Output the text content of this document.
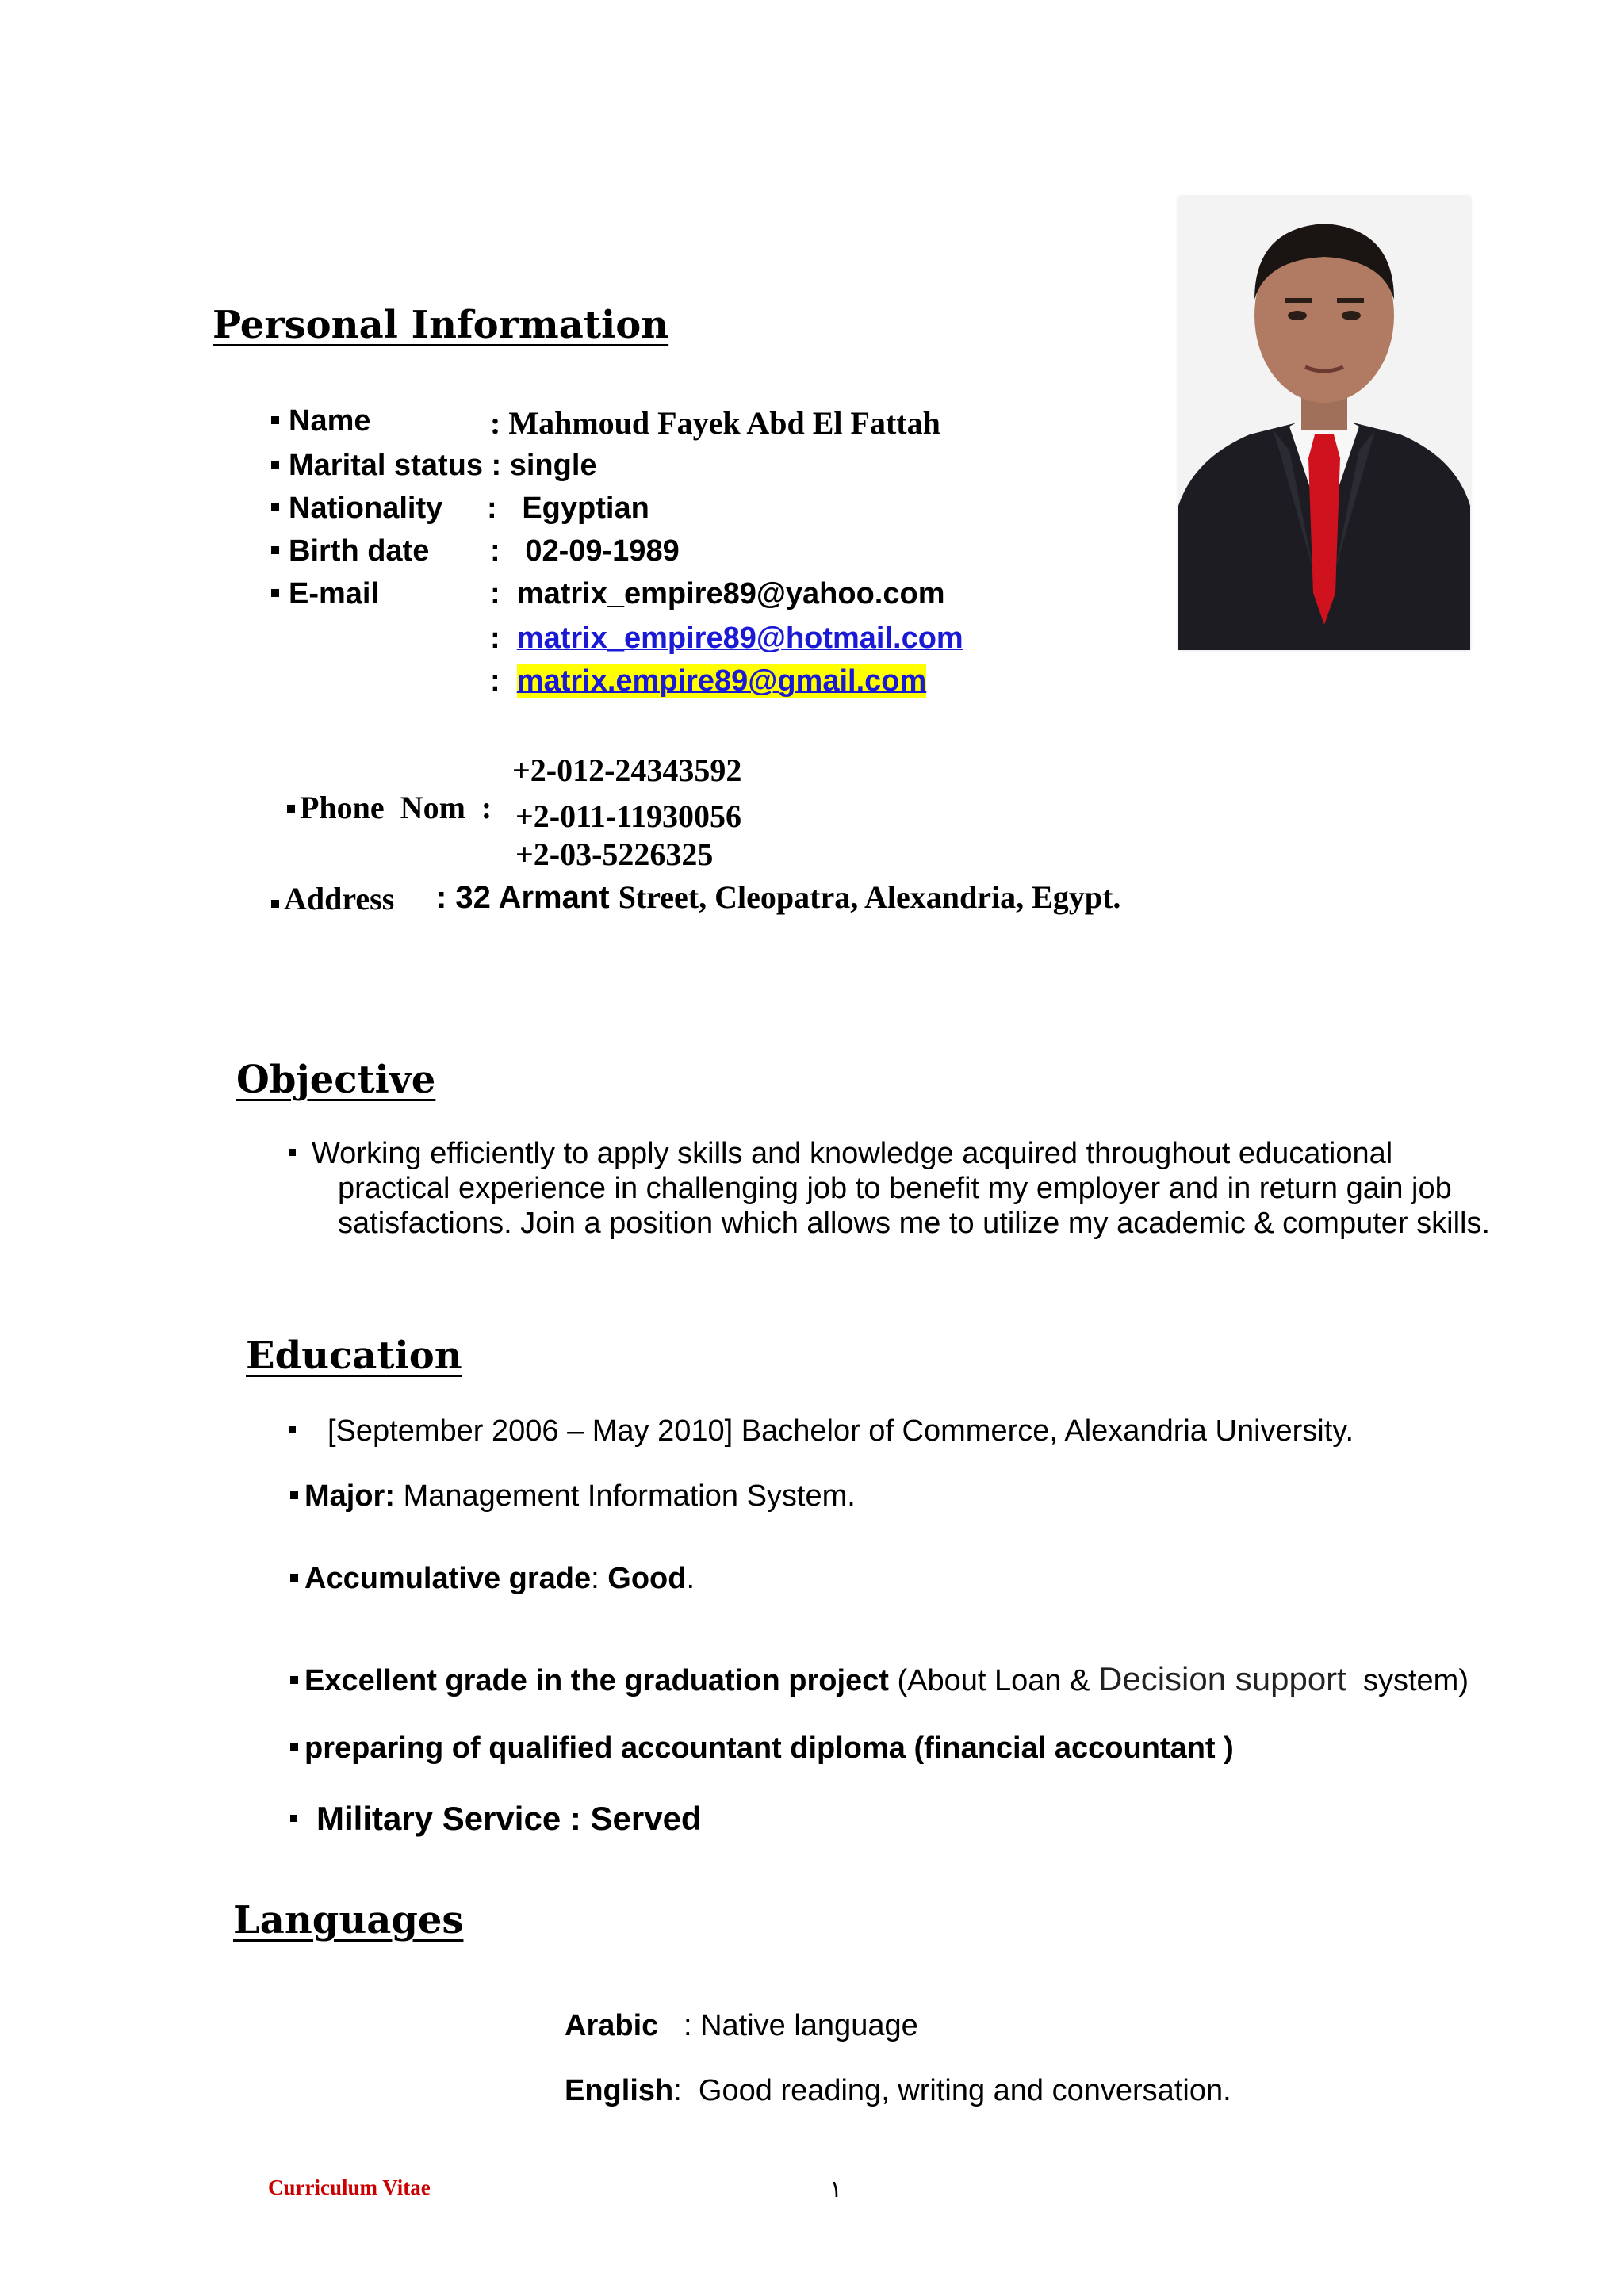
Personal Information
Name	: Mahmoud Fayek Abd El Fattah
Marital status : single
Nationality :   Egyptian
Birth date :   02-09-1989
E-mail	: matrix_empire89@yahoo.com
: matrix_empire89@hotmail.com
: matrix.empire89@gmail.com

Phone  Nom  :

+2-012-24343592
+2-011-11930056
+2-03-5226325
Address : 32 Armant Street, Cleopatra, Alexandria, Egypt.
Objective
Working efficiently to apply skills and knowledge acquired throughout educational
practical experience in challenging job to benefit my employer and in return gain job
satisfactions. Join a position which allows me to utilize my academic & computer skills.
Education
[September 2006 – May 2010] Bachelor of Commerce, Alexandria University.
Major: Management Information System.
Accumulative grade: Good.
Excellent grade in the graduation project (About Loan & Decision support system)
preparing of qualified accountant diploma (financial accountant )
Military Service : Served
Languages
Arabic : Native language
English:  Good reading, writing and conversation.
Curriculum Vitae	١
